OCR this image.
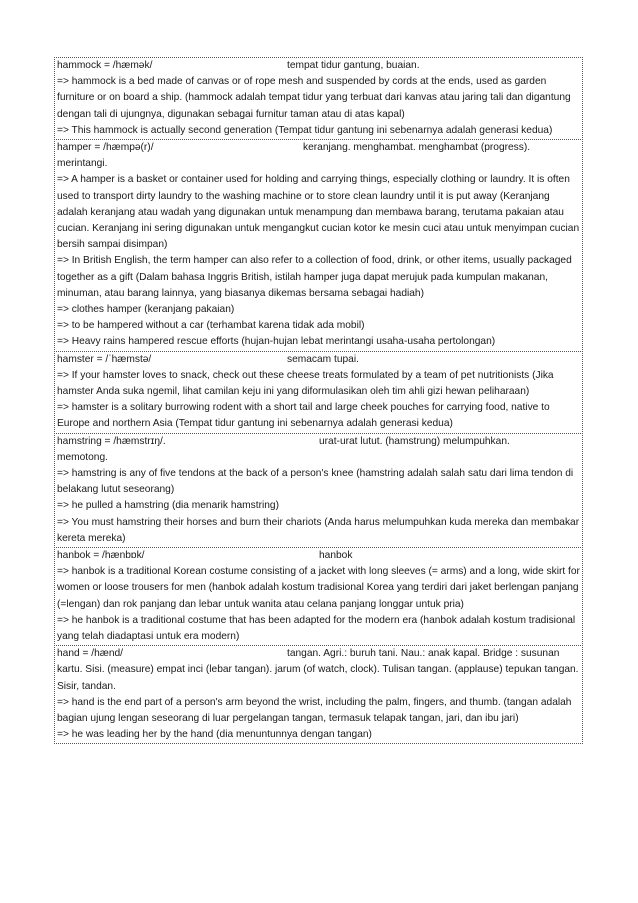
hammock = /hæmək/	tempat tidur gantung, buaian.
=> hammock is a bed made of canvas or of rope mesh and suspended by cords at the ends, used as garden furniture or on board a ship. (hammock adalah tempat tidur yang terbuat dari kanvas atau jaring tali dan digantung dengan tali di ujungnya, digunakan sebagai furnitur taman atau di atas kapal)
=> This hammock is actually second generation (Tempat tidur gantung ini sebenarnya adalah generasi kedua)
hamper = /hæmpə(r)/	keranjang. menghambat. menghambat (progress).
merintangi.
=> A hamper is a basket or container used for holding and carrying things, especially clothing or laundry. It is often used to transport dirty laundry to the washing machine or to store clean laundry until it is put away (Keranjang adalah keranjang atau wadah yang digunakan untuk menampung dan membawa barang, terutama pakaian atau cucian. Keranjang ini sering digunakan untuk mengangkut cucian kotor ke mesin cuci atau untuk menyimpan cucian bersih sampai disimpan)
=> In British English, the term hamper can also refer to a collection of food, drink, or other items, usually packaged together as a gift (Dalam bahasa Inggris British, istilah hamper juga dapat merujuk pada kumpulan makanan, minuman, atau barang lainnya, yang biasanya dikemas bersama sebagai hadiah)
=> clothes hamper (keranjang pakaian)
=> to be hampered without a car (terhambat karena tidak ada mobil)
=> Heavy rains hampered rescue efforts (hujan-hujan lebat merintangi usaha-usaha pertolongan)
hamster = /ˈhæmstə/	semacam tupai.
=> If your hamster loves to snack, check out these cheese treats formulated by a team of pet nutritionists (Jika hamster Anda suka ngemil, lihat camilan keju ini yang diformulasikan oleh tim ahli gizi hewan peliharaan)
=> hamster is a solitary burrowing rodent with a short tail and large cheek pouches for carrying food, native to Europe and northern Asia (Tempat tidur gantung ini sebenarnya adalah generasi kedua)
hamstring = /hæmstrɪŋ/.	urat-urat lutut. (hamstrung) melumpuhkan.
memotong.
=> hamstring is any of five tendons at the back of a person's knee (hamstring adalah salah satu dari lima tendon di belakang lutut seseorang)
=> he pulled a hamstring (dia menarik hamstring)
=> You must hamstring their horses and burn their chariots (Anda harus melumpuhkan kuda mereka dan membakar kereta mereka)
hanbok = /hænbɒk/	hanbok
=> hanbok is a traditional Korean costume consisting of a jacket with long sleeves (= arms) and a long, wide skirt for women or loose trousers for men (hanbok adalah kostum tradisional Korea yang terdiri dari jaket berlengan panjang (=lengan) dan rok panjang dan lebar untuk wanita atau celana panjang longgar untuk pria)
=> he hanbok is a traditional costume that has been adapted for the modern era (hanbok adalah kostum tradisional yang telah diadaptasi untuk era modern)
hand = /hænd/	tangan. Agri.: buruh tani. Nau.: anak kapal. Bridge : susunan
kartu. Sisi. (measure) empat inci (lebar tangan). jarum (of watch, clock). Tulisan tangan. (applause) tepukan tangan. Sisir, tandan.
=> hand is the end part of a person's arm beyond the wrist, including the palm, fingers, and thumb. (tangan adalah bagian ujung lengan seseorang di luar pergelangan tangan, termasuk telapak tangan, jari, dan ibu jari)
=> he was leading her by the hand (dia menuntunnya dengan tangan)
